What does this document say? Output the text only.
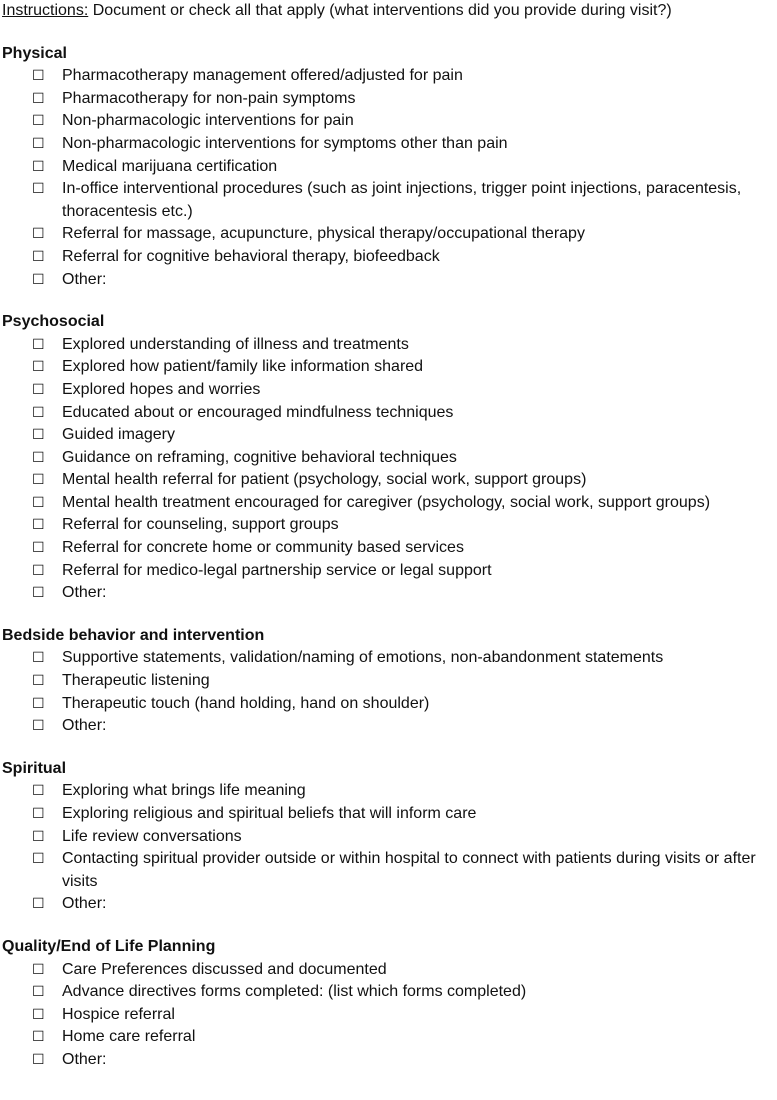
Instructions: Document or check all that apply (what interventions did you provide during visit?)
Physical
☐ Pharmacotherapy management offered/adjusted for pain
☐ Pharmacotherapy for non-pain symptoms
☐ Non-pharmacologic interventions for pain
☐ Non-pharmacologic interventions for symptoms other than pain
☐ Medical marijuana certification
☐ In-office interventional procedures (such as joint injections, trigger point injections, paracentesis, thoracentesis etc.)
☐ Referral for massage, acupuncture, physical therapy/occupational therapy
☐ Referral for cognitive behavioral therapy, biofeedback
☐ Other:
Psychosocial
☐ Explored understanding of illness and treatments
☐ Explored how patient/family like information shared
☐ Explored hopes and worries
☐ Educated about or encouraged mindfulness techniques
☐ Guided imagery
☐ Guidance on reframing, cognitive behavioral techniques
☐ Mental health referral for patient (psychology, social work, support groups)
☐ Mental health treatment encouraged for caregiver (psychology, social work, support groups)
☐ Referral for counseling, support groups
☐ Referral for concrete home or community based services
☐ Referral for medico-legal partnership service or legal support
☐ Other:
Bedside behavior and intervention
☐ Supportive statements, validation/naming of emotions, non-abandonment statements
☐ Therapeutic listening
☐ Therapeutic touch (hand holding, hand on shoulder)
☐ Other:
Spiritual
☐ Exploring what brings life meaning
☐ Exploring religious and spiritual beliefs that will inform care
☐ Life review conversations
☐ Contacting spiritual provider outside or within hospital to connect with patients during visits or after visits
☐ Other:
Quality/End of Life Planning
☐ Care Preferences discussed and documented
☐ Advance directives forms completed: (list which forms completed)
☐ Hospice referral
☐ Home care referral
☐ Other:
